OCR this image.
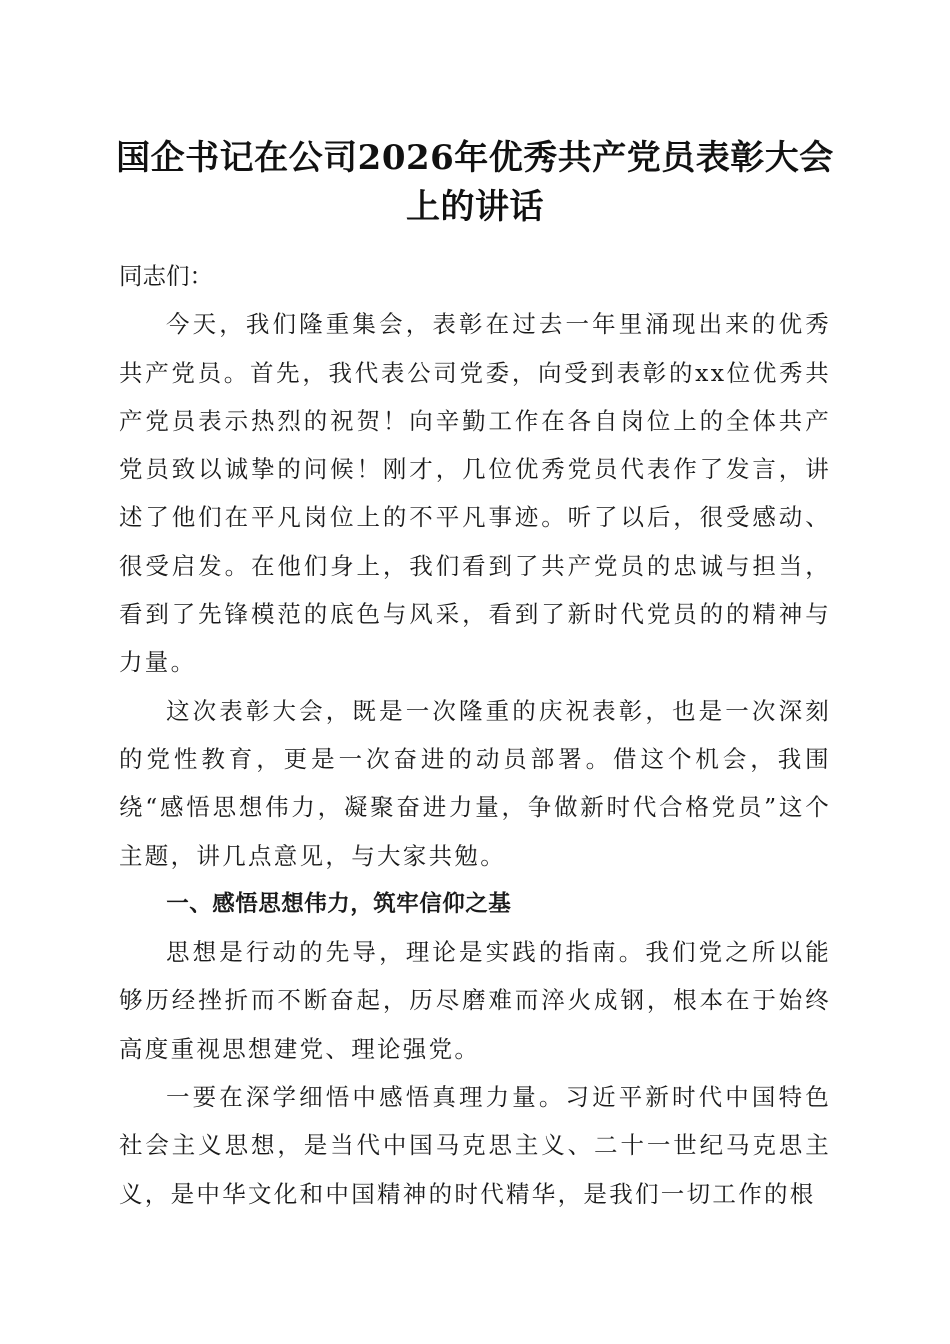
国企书记在公司2026年优秀共产党员表彰大会上的讲话

同志们：

今天，我们隆重集会，表彰在过去一年里涌现出来的优秀共产党员。首先，我代表公司党委，向受到表彰的xx位优秀共产党员表示热烈的祝贺！向辛勤工作在各自岗位上的全体共产党员致以诚挚的问候！刚才，几位优秀党员代表作了发言，讲述了他们在平凡岗位上的不平凡事迹。听了以后，很受感动、很受启发。在他们身上，我们看到了共产党员的忠诚与担当，看到了先锋模范的底色与风采，看到了新时代党员的的精神与力量。

这次表彰大会，既是一次隆重的庆祝表彰，也是一次深刻的党性教育，更是一次奋进的动员部署。借这个机会，我围绕“感悟思想伟力，凝聚奋进力量，争做新时代合格党员”这个主题，讲几点意见，与大家共勉。

一、感悟思想伟力，筑牢信仰之基

思想是行动的先导，理论是实践的指南。我们党之所以能够历经挫折而不断奋起，历尽磨难而淬火成钢，根本在于始终高度重视思想建党、理论强党。

一要在深学细悟中感悟真理力量。习近平新时代中国特色社会主义思想，是当代中国马克思主义、二十一世纪马克思主义，是中华文化和中国精神的时代精华，是我们一切工作的根
